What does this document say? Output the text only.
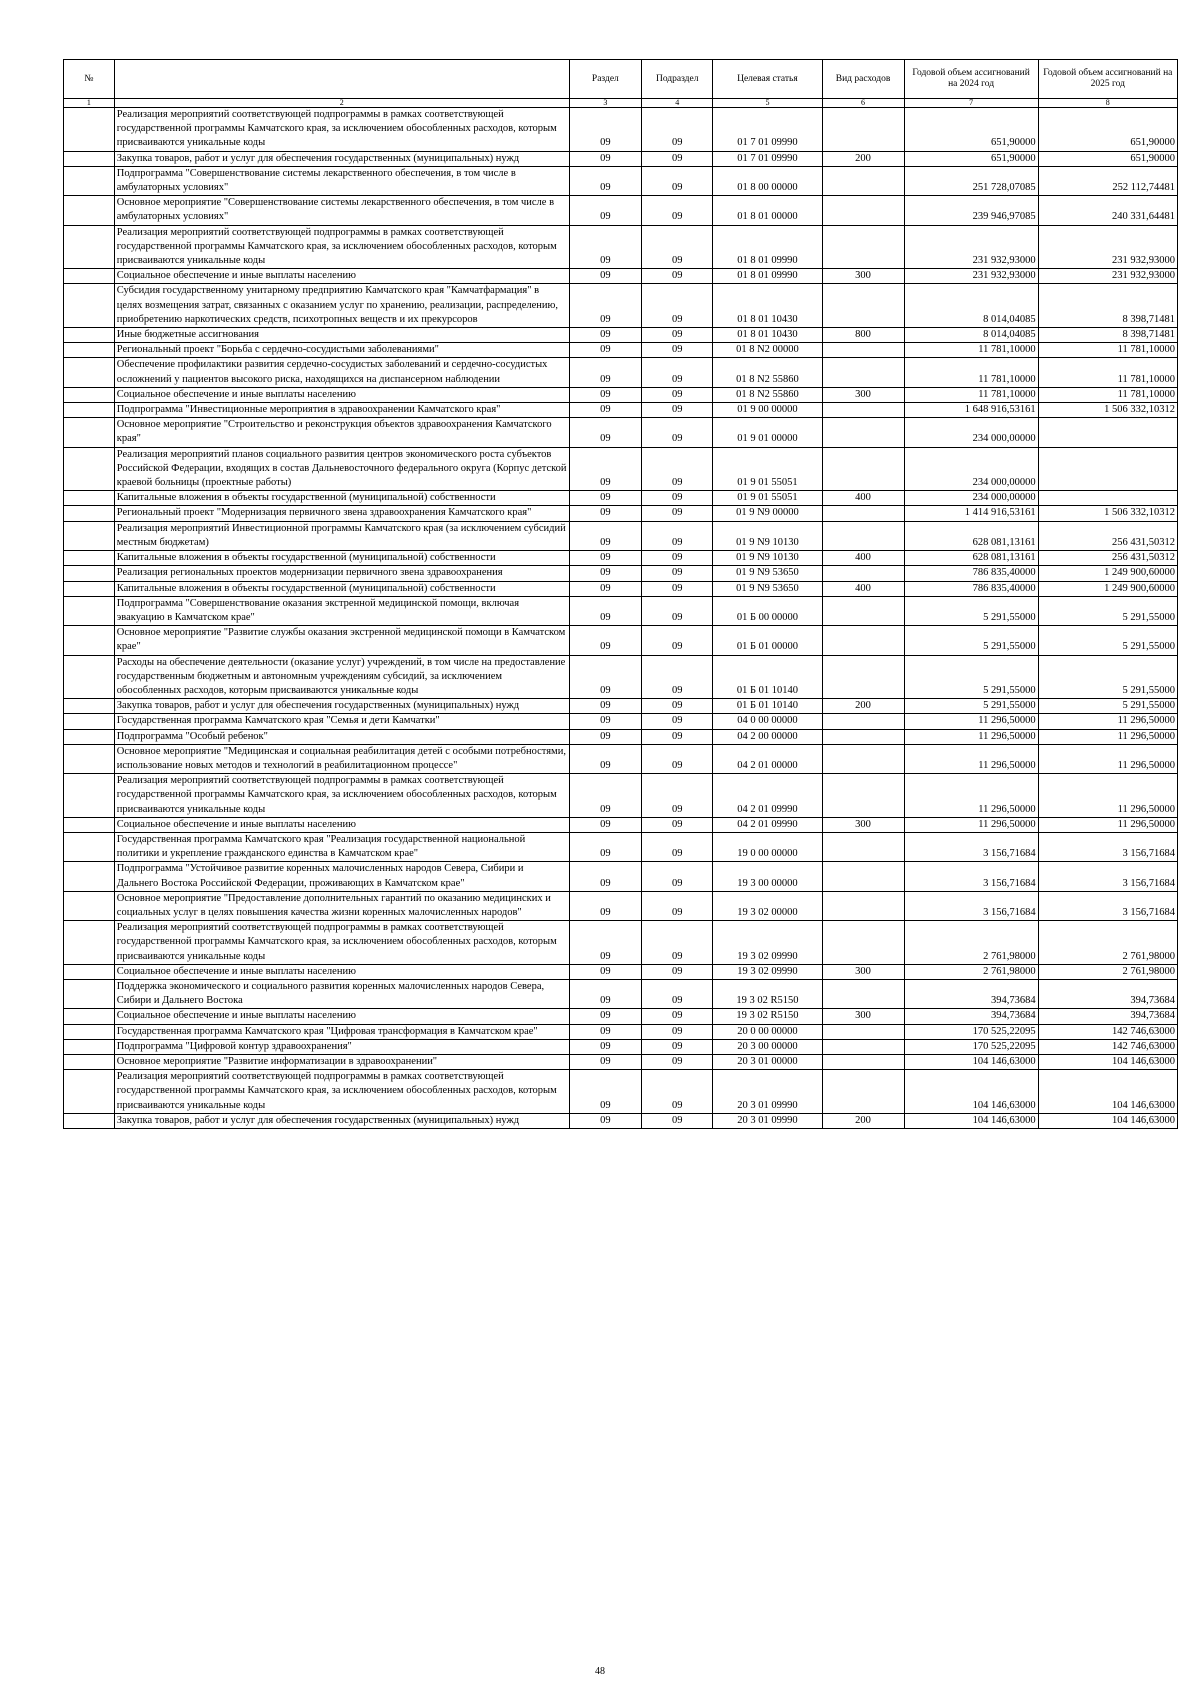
№		Раздел	Подраздел	Целевая статья	Вид расходов	Годовой объем ассигнований на 2024 год	Годовой объем ассигнований на 2025 год
1	2	3	4	5	6	7	8
	Реализация мероприятий соответствующей подпрограммы в рамках соответствующей государственной программы Камчатского края, за исключением обособленных расходов, которым присваиваются уникальные коды	09	09	01 7 01 09990		651,90000	651,90000
	Закупка товаров, работ и услуг для обеспечения государственных (муниципальных) нужд	09	09	01 7 01 09990	200	651,90000	651,90000
	Подпрограмма "Совершенствование системы лекарственного обеспечения, в том числе в амбулаторных условиях"	09	09	01 8 00 00000		251 728,07085	252 112,74481
	Основное мероприятие "Совершенствование системы лекарственного обеспечения, в том числе в амбулаторных условиях"	09	09	01 8 01 00000		239 946,97085	240 331,64481
	Реализация мероприятий соответствующей подпрограммы в рамках соответствующей государственной программы Камчатского края, за исключением обособленных расходов, которым присваиваются уникальные коды	09	09	01 8 01 09990		231 932,93000	231 932,93000
	Социальное обеспечение и иные выплаты населению	09	09	01 8 01 09990	300	231 932,93000	231 932,93000
	Субсидия государственному унитарному предприятию Камчатского края "Камчатфармация" в целях возмещения затрат, связанных с оказанием услуг по хранению, реализации, распределению, приобретению наркотических средств, психотропных веществ и их прекурсоров	09	09	01 8 01 10430		8 014,04085	8 398,71481
	Иные бюджетные ассигнования	09	09	01 8 01 10430	800	8 014,04085	8 398,71481
	Региональный проект "Борьба с сердечно-сосудистыми заболеваниями"	09	09	01 8 N2 00000		11 781,10000	11 781,10000
	Обеспечение профилактики развития сердечно-сосудистых заболеваний и сердечно-сосудистых осложнений у пациентов высокого риска, находящихся на диспансерном наблюдении	09	09	01 8 N2 55860		11 781,10000	11 781,10000
	Социальное обеспечение и иные выплаты населению	09	09	01 8 N2 55860	300	11 781,10000	11 781,10000
	Подпрограмма "Инвестиционные мероприятия в здравоохранении Камчатского края"	09	09	01 9 00 00000		1 648 916,53161	1 506 332,10312
	Основное мероприятие "Строительство и реконструкция объектов здравоохранения Камчатского края"	09	09	01 9 01 00000		234 000,00000	
	Реализация мероприятий планов социального развития центров экономического роста субъектов Российской Федерации, входящих в состав Дальневосточного федерального округа (Корпус детской краевой больницы (проектные работы)	09	09	01 9 01 55051		234 000,00000	
	Капитальные вложения в объекты государственной (муниципальной) собственности	09	09	01 9 01 55051	400	234 000,00000	
	Региональный проект "Модернизация первичного звена здравоохранения Камчатского края"	09	09	01 9 N9 00000		1 414 916,53161	1 506 332,10312
	Реализация мероприятий Инвестиционной программы Камчатского края (за исключением субсидий местным бюджетам)	09	09	01 9 N9 10130		628 081,13161	256 431,50312
	Капитальные вложения в объекты государственной (муниципальной) собственности	09	09	01 9 N9 10130	400	628 081,13161	256 431,50312
	Реализация региональных проектов модернизации первичного звена здравоохранения	09	09	01 9 N9 53650		786 835,40000	1 249 900,60000
	Капитальные вложения в объекты государственной (муниципальной) собственности	09	09	01 9 N9 53650	400	786 835,40000	1 249 900,60000
	Подпрограмма "Совершенствование оказания экстренной медицинской помощи, включая эвакуацию в Камчатском крае"	09	09	01 Б 00 00000		5 291,55000	5 291,55000
	Основное мероприятие "Развитие службы оказания экстренной медицинской помощи в Камчатском крае"	09	09	01 Б 01 00000		5 291,55000	5 291,55000
	Расходы на обеспечение деятельности (оказание услуг) учреждений, в том числе на предоставление государственным бюджетным и автономным учреждениям субсидий, за исключением обособленных расходов, которым присваиваются уникальные коды	09	09	01 Б 01 10140		5 291,55000	5 291,55000
	Закупка товаров, работ и услуг для обеспечения государственных (муниципальных) нужд	09	09	01 Б 01 10140	200	5 291,55000	5 291,55000
	Государственная программа Камчатского края "Семья и дети Камчатки"	09	09	04 0 00 00000		11 296,50000	11 296,50000
	Подпрограмма "Особый ребенок"	09	09	04 2 00 00000		11 296,50000	11 296,50000
	Основное мероприятие "Медицинская и социальная реабилитация детей с особыми потребностями, использование новых методов и технологий в реабилитационном процессе"	09	09	04 2 01 00000		11 296,50000	11 296,50000
	Реализация мероприятий соответствующей подпрограммы в рамках соответствующей государственной программы Камчатского края, за исключением обособленных расходов, которым присваиваются уникальные коды	09	09	04 2 01 09990		11 296,50000	11 296,50000
	Социальное обеспечение и иные выплаты населению	09	09	04 2 01 09990	300	11 296,50000	11 296,50000
	Государственная программа Камчатского края "Реализация государственной национальной политики и укрепление гражданского единства в Камчатском крае"	09	09	19 0 00 00000		3 156,71684	3 156,71684
	Подпрограмма "Устойчивое развитие коренных малочисленных народов Севера, Сибири и Дальнего Востока Российской Федерации, проживающих в Камчатском крае"	09	09	19 3 00 00000		3 156,71684	3 156,71684
	Основное мероприятие "Предоставление дополнительных гарантий по оказанию медицинских и социальных услуг в целях повышения качества жизни коренных малочисленных народов"	09	09	19 3 02 00000		3 156,71684	3 156,71684
	Реализация мероприятий соответствующей подпрограммы в рамках соответствующей государственной программы Камчатского края, за исключением обособленных расходов, которым присваиваются уникальные коды	09	09	19 3 02 09990		2 761,98000	2 761,98000
	Социальное обеспечение и иные выплаты населению	09	09	19 3 02 09990	300	2 761,98000	2 761,98000
	Поддержка экономического и социального развития коренных малочисленных народов Севера, Сибири и Дальнего Востока	09	09	19 3 02 R5150		394,73684	394,73684
	Социальное обеспечение и иные выплаты населению	09	09	19 3 02 R5150	300	394,73684	394,73684
	Государственная программа Камчатского края "Цифровая трансформация в Камчатском крае"	09	09	20 0 00 00000		170 525,22095	142 746,63000
	Подпрограмма "Цифровой контур здравоохранения"	09	09	20 3 00 00000		170 525,22095	142 746,63000
	Основное мероприятие "Развитие информатизации в здравоохранении"	09	09	20 3 01 00000		104 146,63000	104 146,63000
	Реализация мероприятий соответствующей подпрограммы в рамках соответствующей государственной программы Камчатского края, за исключением обособленных расходов, которым присваиваются уникальные коды	09	09	20 3 01 09990		104 146,63000	104 146,63000
	Закупка товаров, работ и услуг для обеспечения государственных (муниципальных) нужд	09	09	20 3 01 09990	200	104 146,63000	104 146,63000
48
